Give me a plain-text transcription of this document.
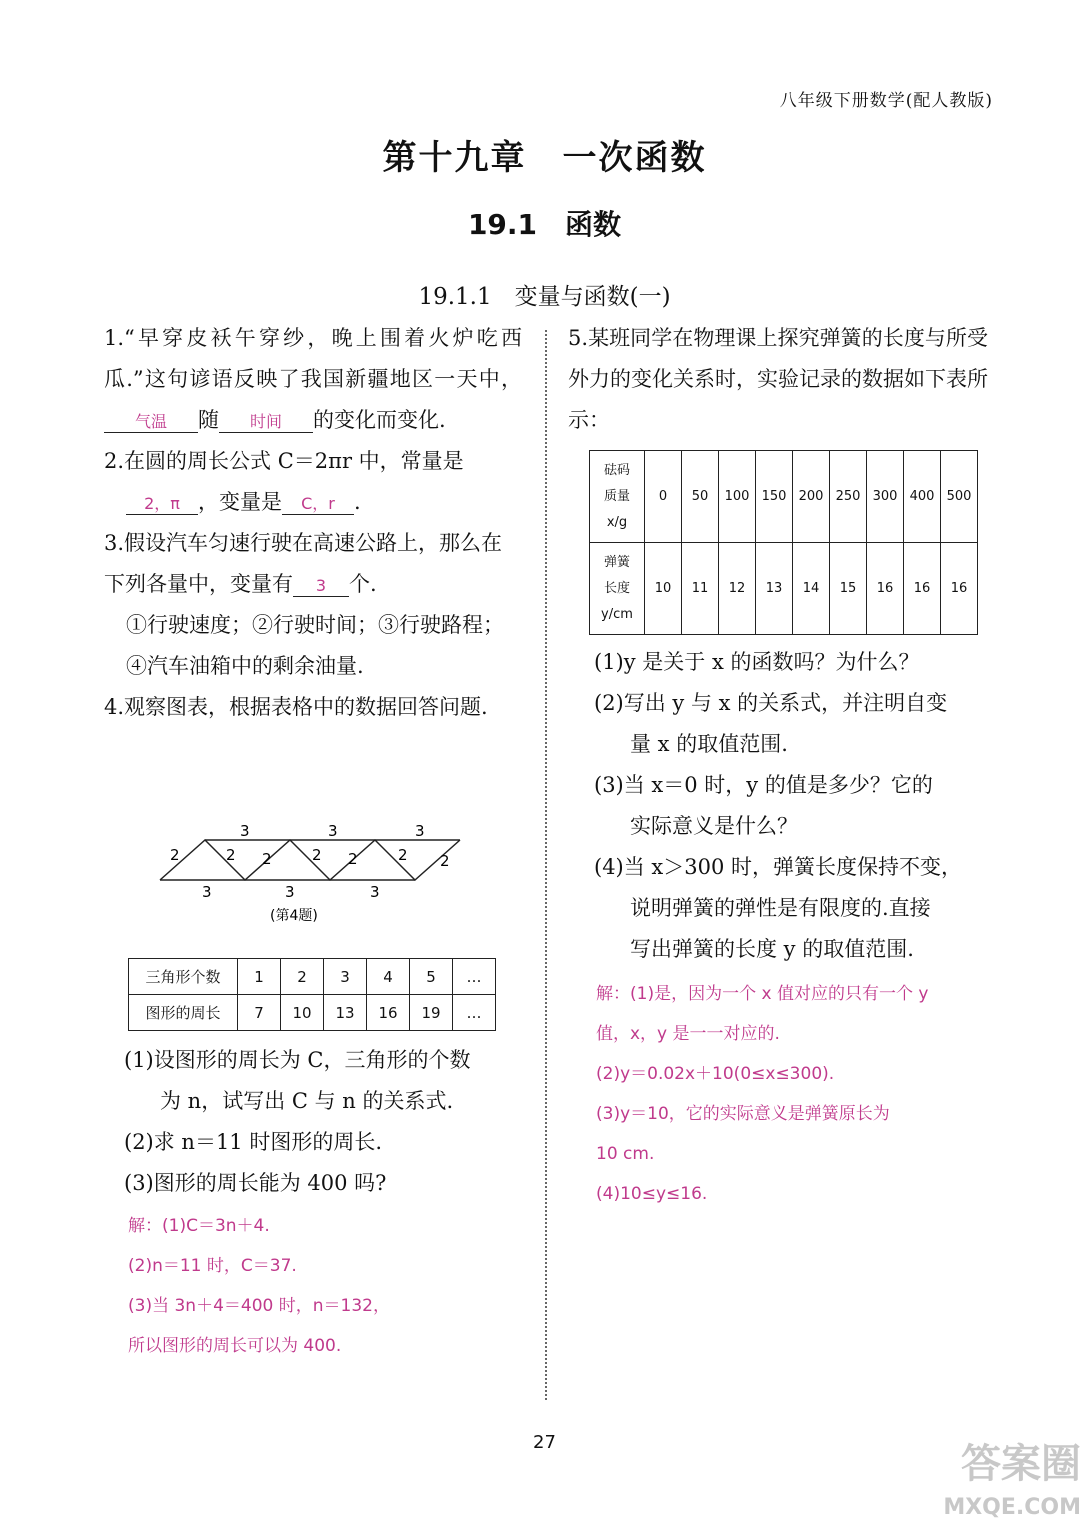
八年级下册数学(配人教版)
第十九章　一次函数
19.1　函数
19.1.1　变量与函数(一)

1.“早穿皮袄午穿纱，晚上围着火炉吃西瓜.”这句谚语反映了我国新疆地区一天中，气温 随 时间 的变化而变化.

2.在圆的周长公式 C＝2πr 中，常量是
2，π ，变量是 C，r .

3.假设汽车匀速行驶在高速公路上，那么在下列各量中，变量有 3 个.

①行驶速度；②行驶时间；③行驶路程；④汽车油箱中的剩余油量.

4.观察图表，根据表格中的数据回答问题.

3	3	3
3	3	3
2	2 2	2 2	2 2
(第4题)
三角形个数	1	2	3	4	5	…
图形的周长	7	10	13	16	19	…

(1)设图形的周长为 C，三角形的个数

为 n，试写出 C 与 n 的关系式.

(2)求 n＝11 时图形的周长.

(3)图形的周长能为 400 吗?

解：(1)C＝3n＋4.
(2)n＝11 时，C＝37.
(3)当 3n＋4＝400 时，n＝132，
所以图形的周长可以为 400.

5.某班同学在物理课上探究弹簧的长度与所受外力的变化关系时，实验记录的数据如下表所示：

砝码
质量
x/g	0	50	100	150	200	250	300	400	500

弹簧
长度
y/cm	10	11	12	13	14	15	16	16	16

(1)y 是关于 x 的函数吗？为什么？

(2)写出 y 与 x 的关系式，并注明自变

量 x 的取值范围.

(3)当 x＝0 时，y 的值是多少？它的

实际意义是什么？

(4)当 x＞300 时，弹簧长度保持不变，

说明弹簧的弹性是有限度的.直接

写出弹簧的长度 y 的取值范围.

解：(1)是，因为一个 x 值对应的只有一个 y
值，x，y 是一一对应的.
(2)y＝0.02x＋10(0≤x≤300).
(3)y＝10，它的实际意义是弹簧原长为
10 cm.
(4)10≤y≤16.
27	答案圈
MXQE.COM
